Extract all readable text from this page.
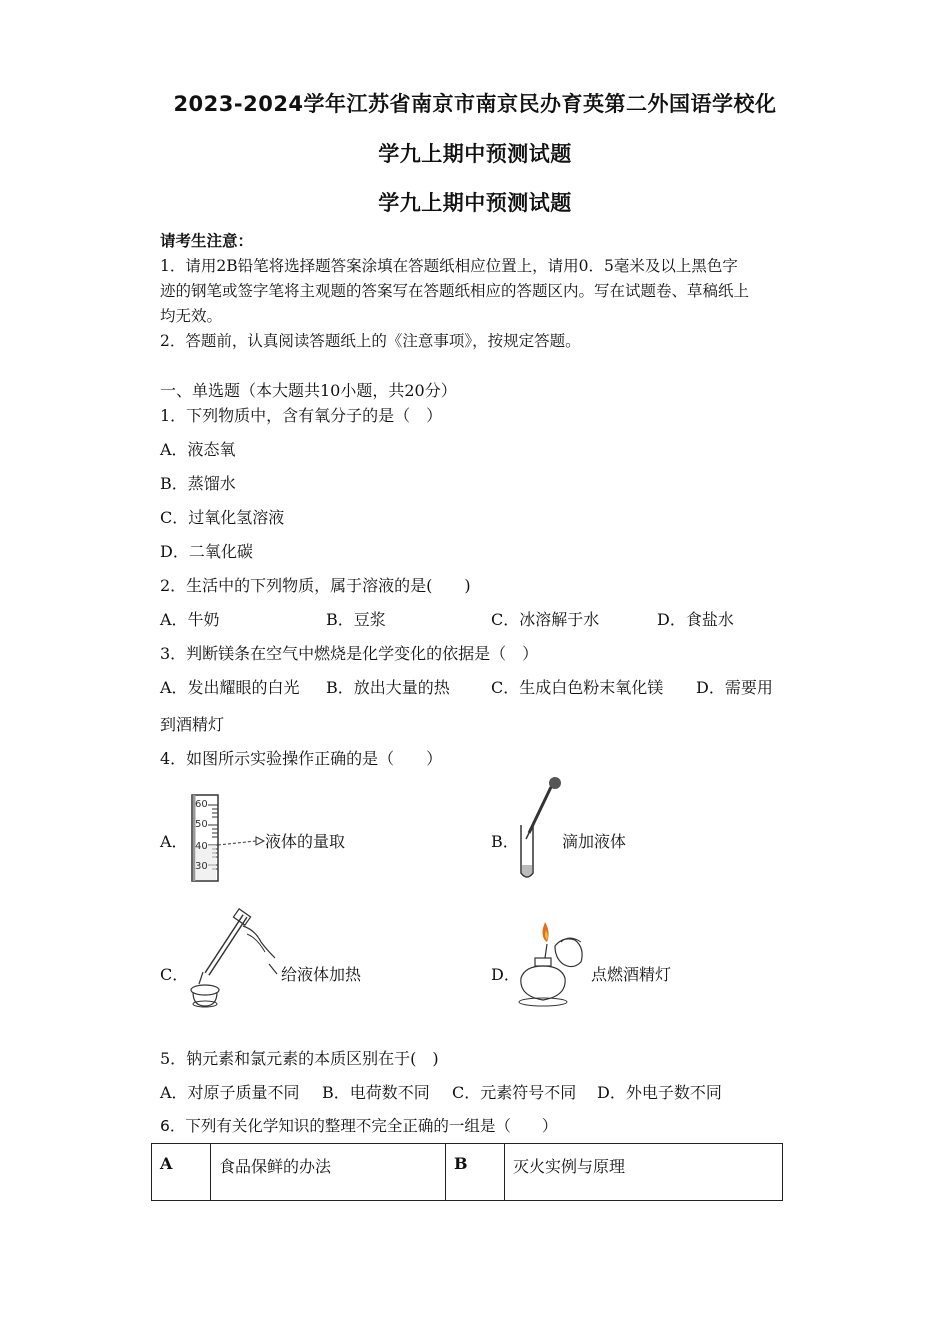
2023-2024学年江苏省南京市南京民办育英第二外国语学校化
学九上期中预测试题
学九上期中预测试题
请考生注意：
1．请用2B铅笔将选择题答案涂填在答题纸相应位置上，请用0．5毫米及以上黑色字
迹的钢笔或签字笔将主观题的答案写在答题纸相应的答题区内。写在试题卷、草稿纸上
均无效。
2．答题前，认真阅读答题纸上的《注意事项》，按规定答题。
一、单选题（本大题共10小题，共20分）
1．下列物质中，含有氧分子的是（　）
A．液态氧
B．蒸馏水
C．过氧化氢溶液
D．二氧化碳
2．生活中的下列物质，属于溶液的是(　　)
A．牛奶	B．豆浆	C．冰溶解于水	D．食盐水
3．判断镁条在空气中燃烧是化学变化的依据是（　）
A．发出耀眼的白光 B．放出大量的热	C．生成白色粉末氧化镁 D．需要用
到酒精灯
4．如图所示实验操作正确的是（　　）
A．
60
50
40
30
液体的量取	B．	滴加液体
C．	给液体加热	D．	点燃酒精灯
5．钠元素和氯元素的本质区别在于(　)
A．对原子质量不同 B．电荷数不同 C．元素符号不同 D．外电子数不同
6．下列有关化学知识的整理不完全正确的一组是（　　）
A	食品保鲜的办法	B	灭火实例与原理
